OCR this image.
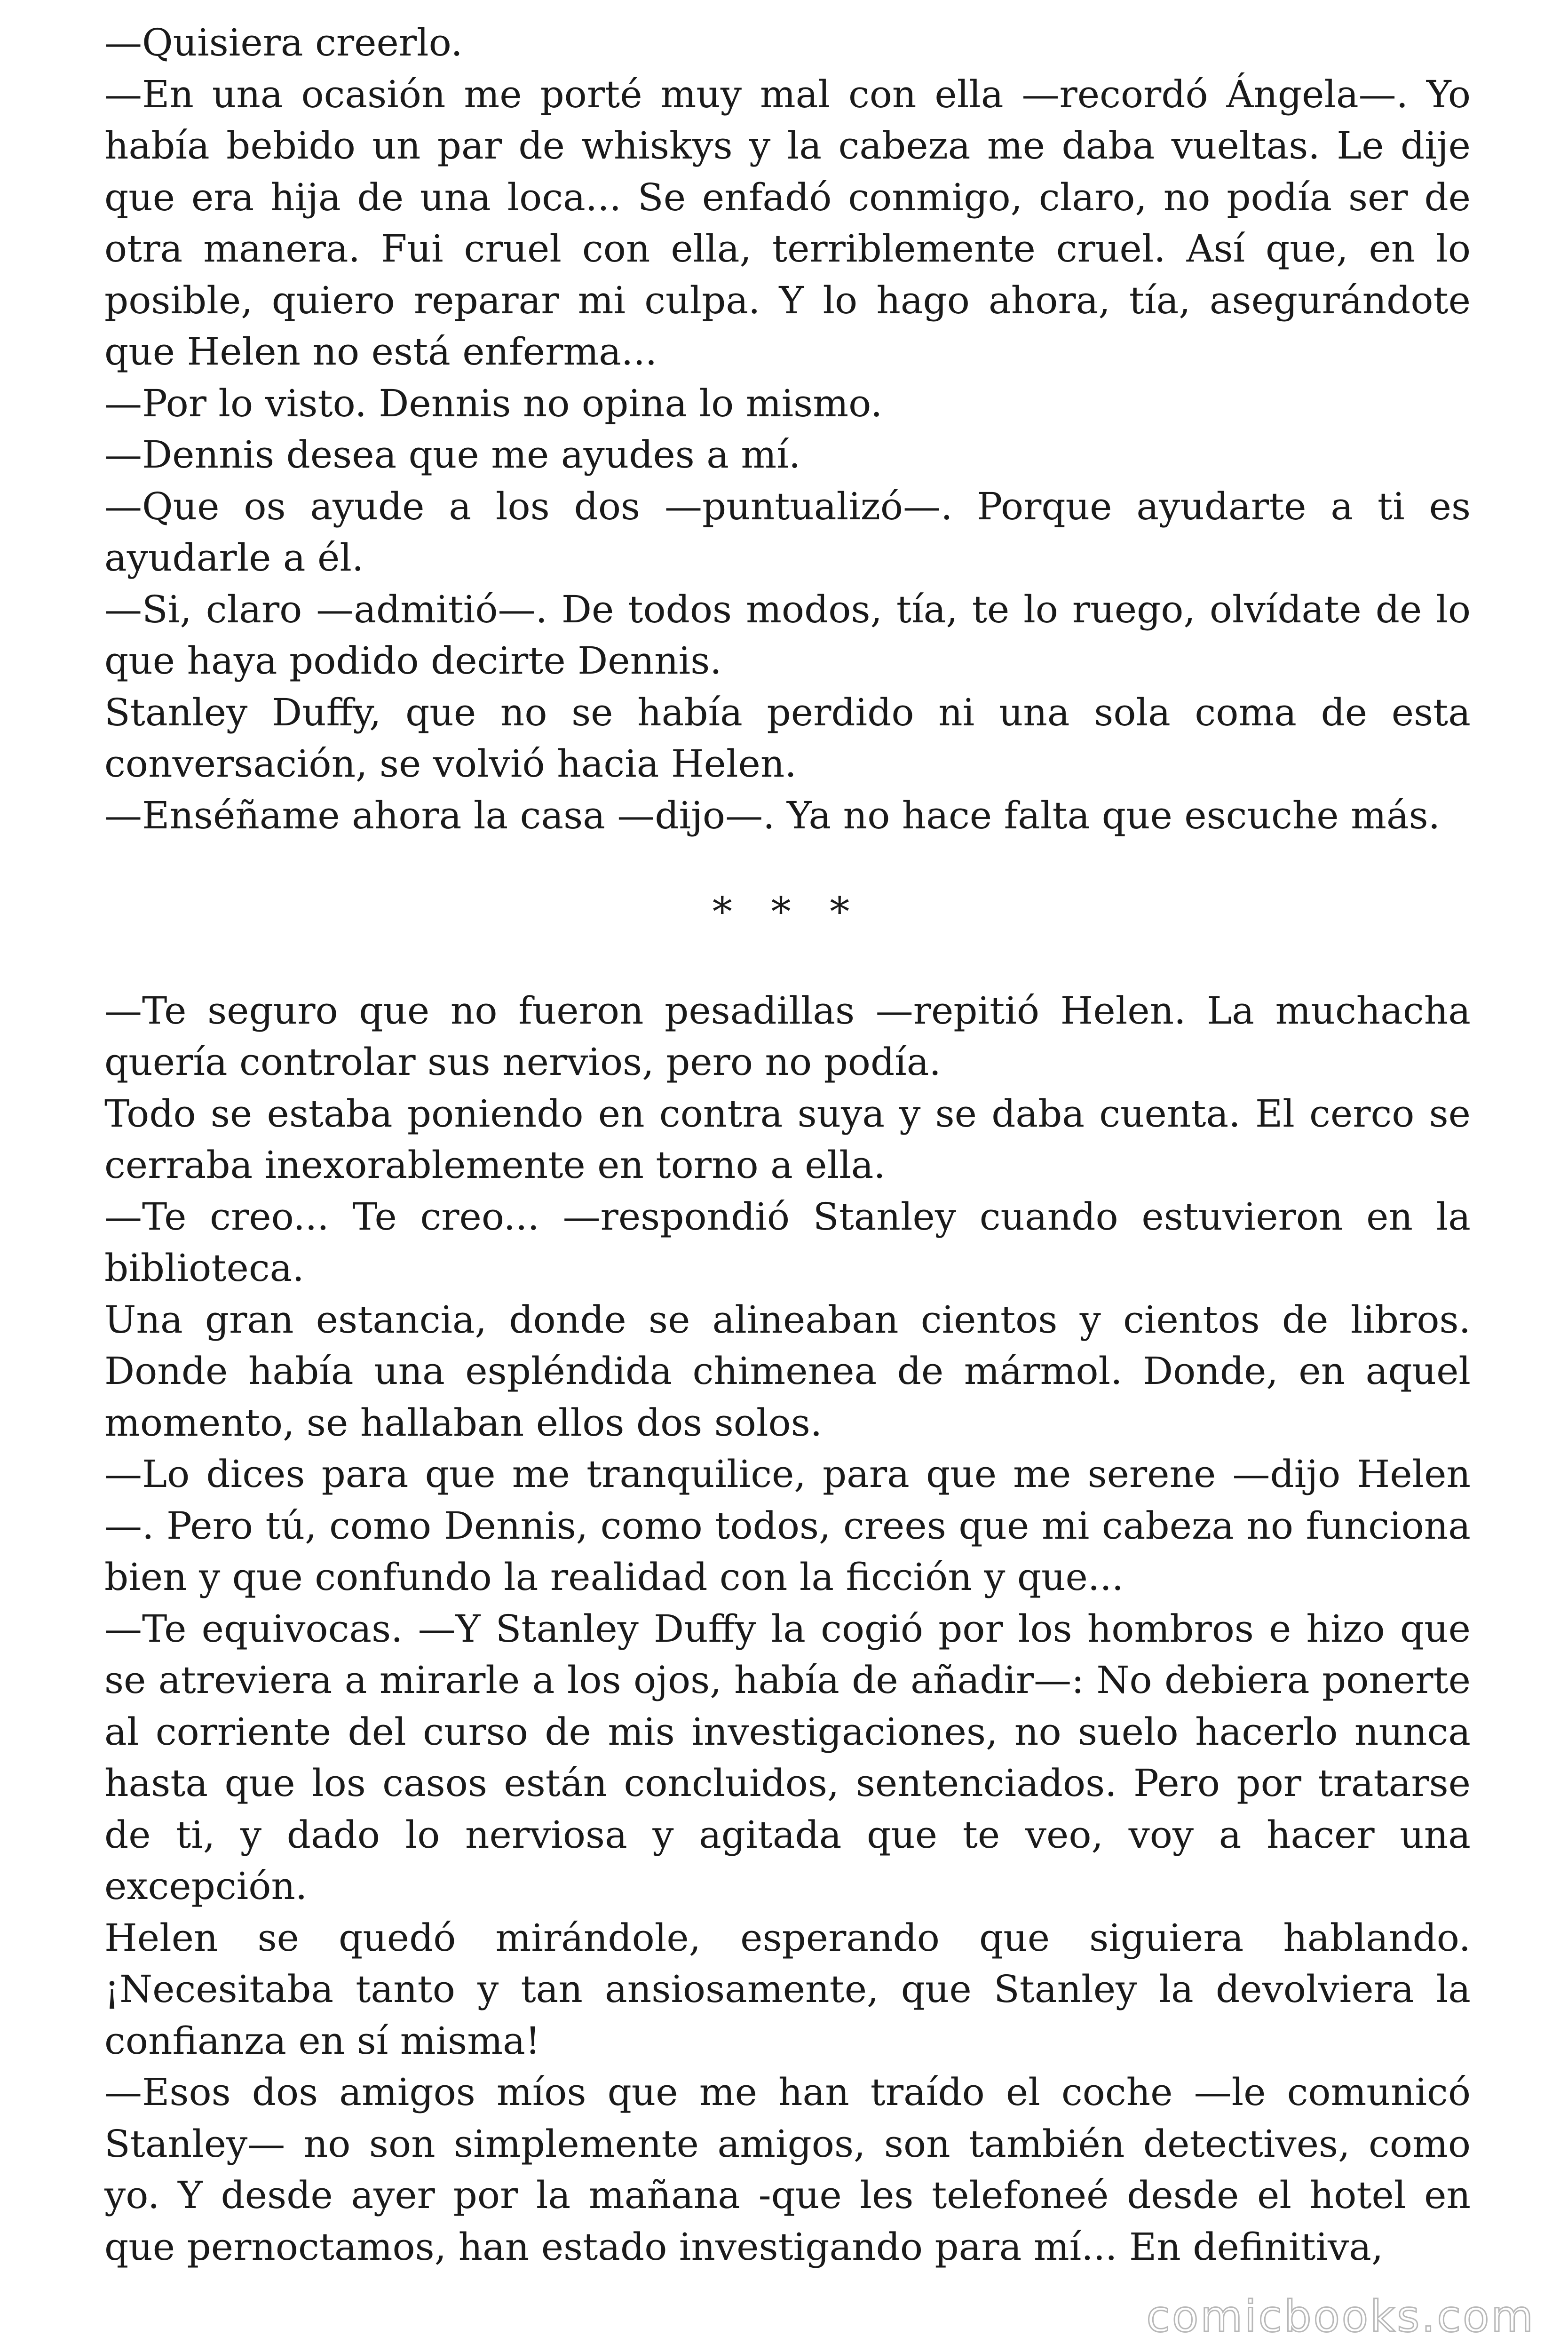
—Quisiera creerlo.

—En una ocasión me porté muy mal con ella —recordó Ángela—. Yo había bebido un par de whiskys y la cabeza me daba vueltas. Le dije que era hija de una loca... Se enfadó conmigo, claro, no podía ser de otra manera. Fui cruel con ella, terriblemente cruel. Así que, en lo posible, quiero reparar mi culpa. Y lo hago ahora, tía, asegurándote que Helen no está enferma...

—Por lo visto. Dennis no opina lo mismo.

—Dennis desea que me ayudes a mí.

—Que os ayude a los dos —puntualizó—. Porque ayudarte a ti es ayudarle a él.

—Si, claro —admitió—. De todos modos, tía, te lo ruego, olvídate de lo que haya podido decirte Dennis.

Stanley Duffy, que no se había perdido ni una sola coma de esta conversación, se volvió hacia Helen.

—Enséñame ahora la casa —dijo—. Ya no hace falta que escuche más.

* * *

—Te seguro que no fueron pesadillas —repitió Helen. La muchacha quería controlar sus nervios, pero no podía.

Todo se estaba poniendo en contra suya y se daba cuenta. El cerco se cerraba inexorablemente en torno a ella.

—Te creo... Te creo... —respondió Stanley cuando estuvieron en la biblioteca.

Una gran estancia, donde se alineaban cientos y cientos de libros. Donde había una espléndida chimenea de mármol. Donde, en aquel momento, se hallaban ellos dos solos.

—Lo dices para que me tranquilice, para que me serene —dijo Helen —. Pero tú, como Dennis, como todos, crees que mi cabeza no funciona bien y que confundo la realidad con la ficción y que...

—Te equivocas. —Y Stanley Duffy la cogió por los hombros e hizo que se atreviera a mirarle a los ojos, había de añadir—: No debiera ponerte al corriente del curso de mis investigaciones, no suelo hacerlo nunca hasta que los casos están concluidos, sentenciados. Pero por tratarse de ti, y dado lo nerviosa y agitada que te veo, voy a hacer una excepción.

Helen se quedó mirándole, esperando que siguiera hablando. ¡Necesitaba tanto y tan ansiosamente, que Stanley la devolviera la confianza en sí misma!

—Esos dos amigos míos que me han traído el coche —le comunicó Stanley— no son simplemente amigos, son también detectives, como yo. Y desde ayer por la mañana -que les telefoneé desde el hotel en que pernoctamos, han estado investigando para mí... En definitiva,

comicbooks.com
